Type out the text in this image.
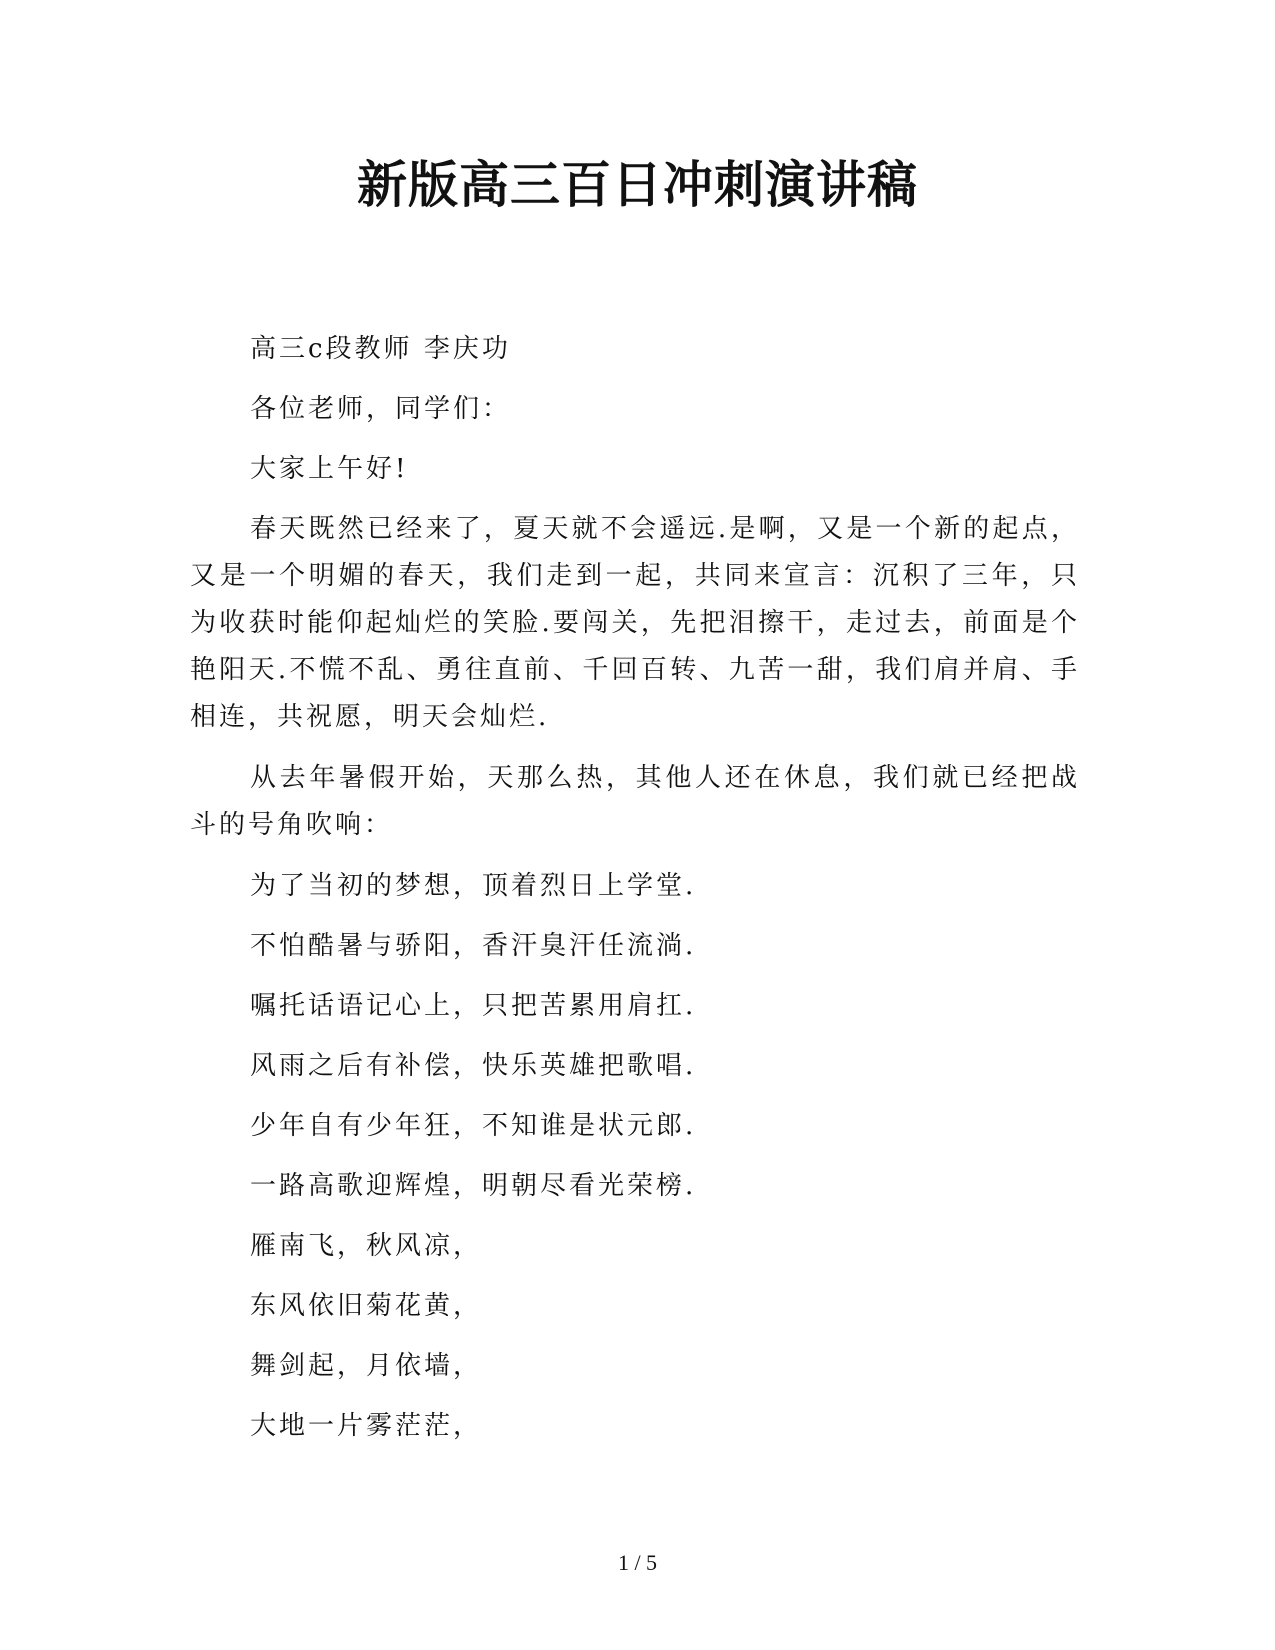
新版高三百日冲刺演讲稿

高三c段教师 李庆功

各位老师，同学们：

大家上午好!

春天既然已经来了，夏天就不会遥远.是啊，又是一个新的起点，又是一个明媚的春天，我们走到一起，共同来宣言：沉积了三年，只为收获时能仰起灿烂的笑脸.要闯关，先把泪擦干，走过去，前面是个艳阳天.不慌不乱、勇往直前、千回百转、九苦一甜，我们肩并肩、手相连，共祝愿，明天会灿烂.

从去年暑假开始，天那么热，其他人还在休息，我们就已经把战斗的号角吹响：

为了当初的梦想，顶着烈日上学堂.

不怕酷暑与骄阳，香汗臭汗任流淌.

嘱托话语记心上，只把苦累用肩扛.

风雨之后有补偿，快乐英雄把歌唱.

少年自有少年狂，不知谁是状元郎.

一路高歌迎辉煌，明朝尽看光荣榜.

雁南飞，秋风凉，

东风依旧菊花黄，

舞剑起，月依墙，

大地一片雾茫茫，

1 / 5
